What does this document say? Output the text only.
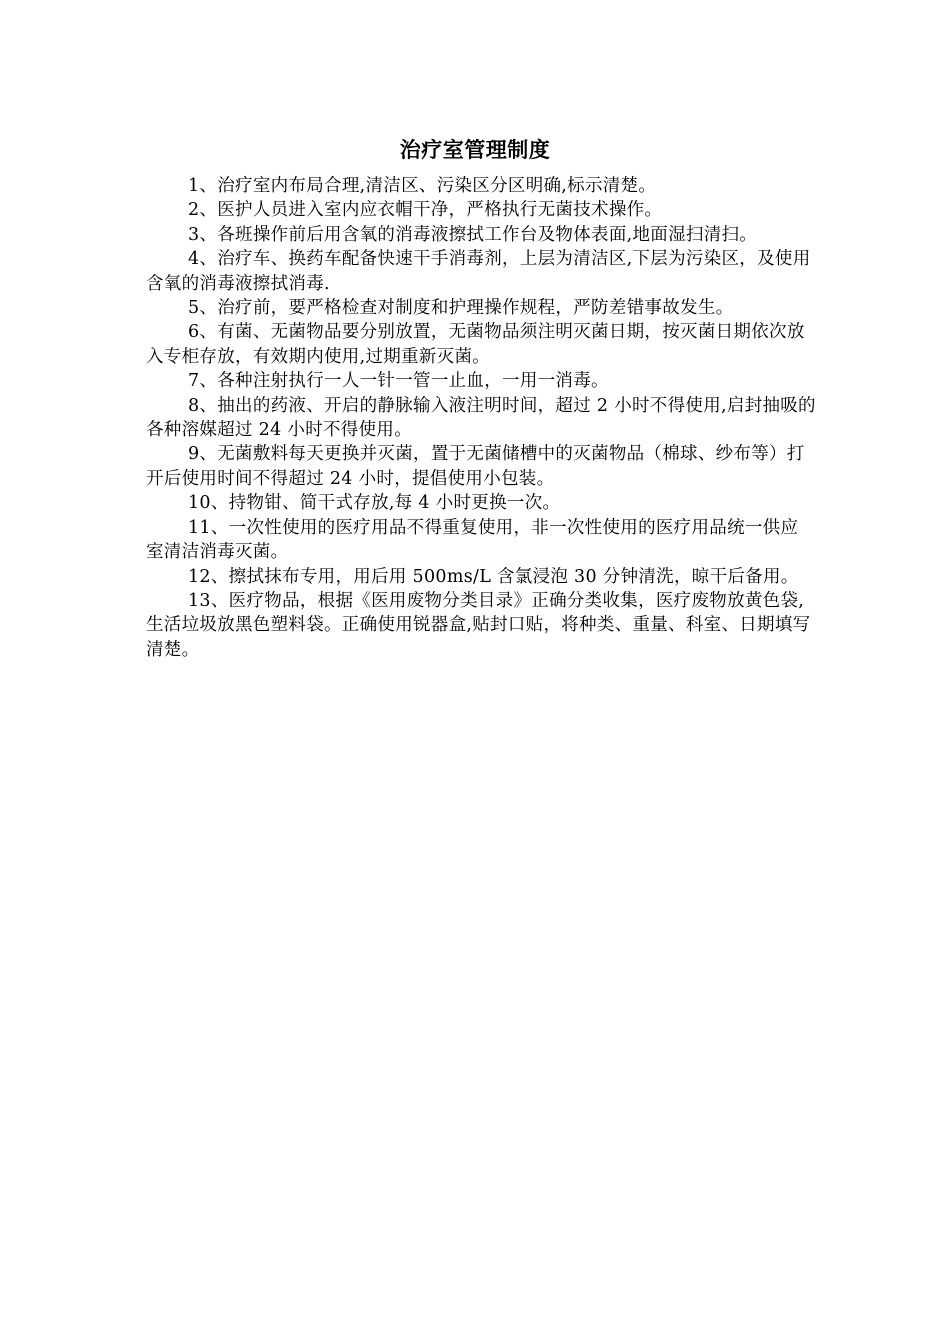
治疗室管理制度

1、治疗室内布局合理,清洁区、污染区分区明确,标示清楚。

2、医护人员进入室内应衣帽干净，严格执行无菌技术操作。

3、各班操作前后用含氧的消毒液擦拭工作台及物体表面,地面湿扫清扫。

4、治疗车、换药车配备快速干手消毒剂，上层为清洁区,下层为污染区，及使用含氧的消毒液擦拭消毒.

5、治疗前，要严格检查对制度和护理操作规程，严防差错事故发生。

6、有菌、无菌物品要分别放置，无菌物品须注明灭菌日期，按灭菌日期依次放入专柜存放，有效期内使用,过期重新灭菌。

7、各种注射执行一人一针一管一止血，一用一消毒。

8、抽出的药液、开启的静脉输入液注明时间，超过 2 小时不得使用,启封抽吸的各种溶媒超过 24 小时不得使用。

9、无菌敷料每天更换并灭菌，置于无菌储槽中的灭菌物品（棉球、纱布等）打开后使用时间不得超过 24 小时，提倡使用小包装。

10、持物钳、简干式存放,每 4 小时更换一次。

11、一次性使用的医疗用品不得重复使用，非一次性使用的医疗用品统一供应室清洁消毒灭菌。

12、擦拭抹布专用，用后用 500ms/L 含氯浸泡 30 分钟清洗，晾干后备用。

13、医疗物品，根据《医用废物分类目录》正确分类收集，医疗废物放黄色袋,生活垃圾放黑色塑料袋。正确使用锐器盒,贴封口贴，将种类、重量、科室、日期填写清楚。
